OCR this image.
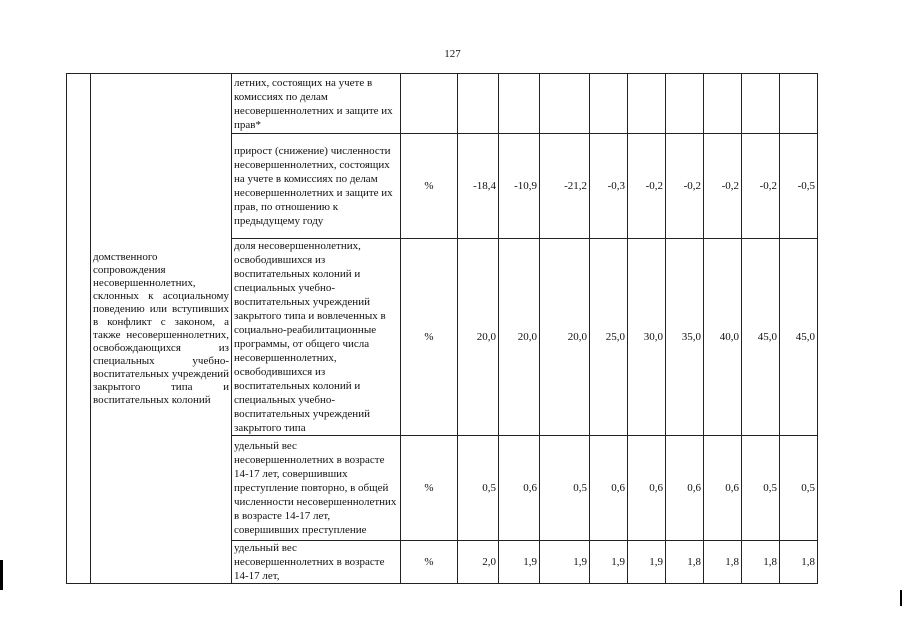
127
	домственного сопровождения несовершеннолетних, склонных к асоциальному поведению или вступивших в конфликт с законом, а также несовершеннолетних, освобождающихся из специальных учебно-воспитательных учреждений закрытого типа и воспитательных колоний	летних, состоящих на учете в комиссиях по делам несовершеннолетних и защите их прав*										
		прирост (снижение) численности несовершеннолетних, состоящих на учете в комиссиях по делам несовершеннолетних и защите их прав, по отношению к предыдущему году	%	-18,4	-10,9	-21,2	-0,3	-0,2	-0,2	-0,2	-0,2	-0,5
		доля несовершеннолетних, освободившихся из воспитательных колоний и специальных учебно-воспитательных учреждений закрытого типа и вовлеченных в социально-реабилитационные программы, от общего числа несовершеннолетних, освободившихся из воспитательных колоний и специальных учебно-воспитательных учреждений закрытого типа	%	20,0	20,0	20,0	25,0	30,0	35,0	40,0	45,0	45,0
		удельный вес несовершеннолетних в возрасте 14-17 лет, совершивших преступление повторно, в общей численности несовершеннолетних в возрасте 14-17 лет, совершивших преступление	%	0,5	0,6	0,5	0,6	0,6	0,6	0,6	0,5	0,5
		удельный вес несовершеннолетних в возрасте 14-17 лет,	%	2,0	1,9	1,9	1,9	1,9	1,8	1,8	1,8	1,8
